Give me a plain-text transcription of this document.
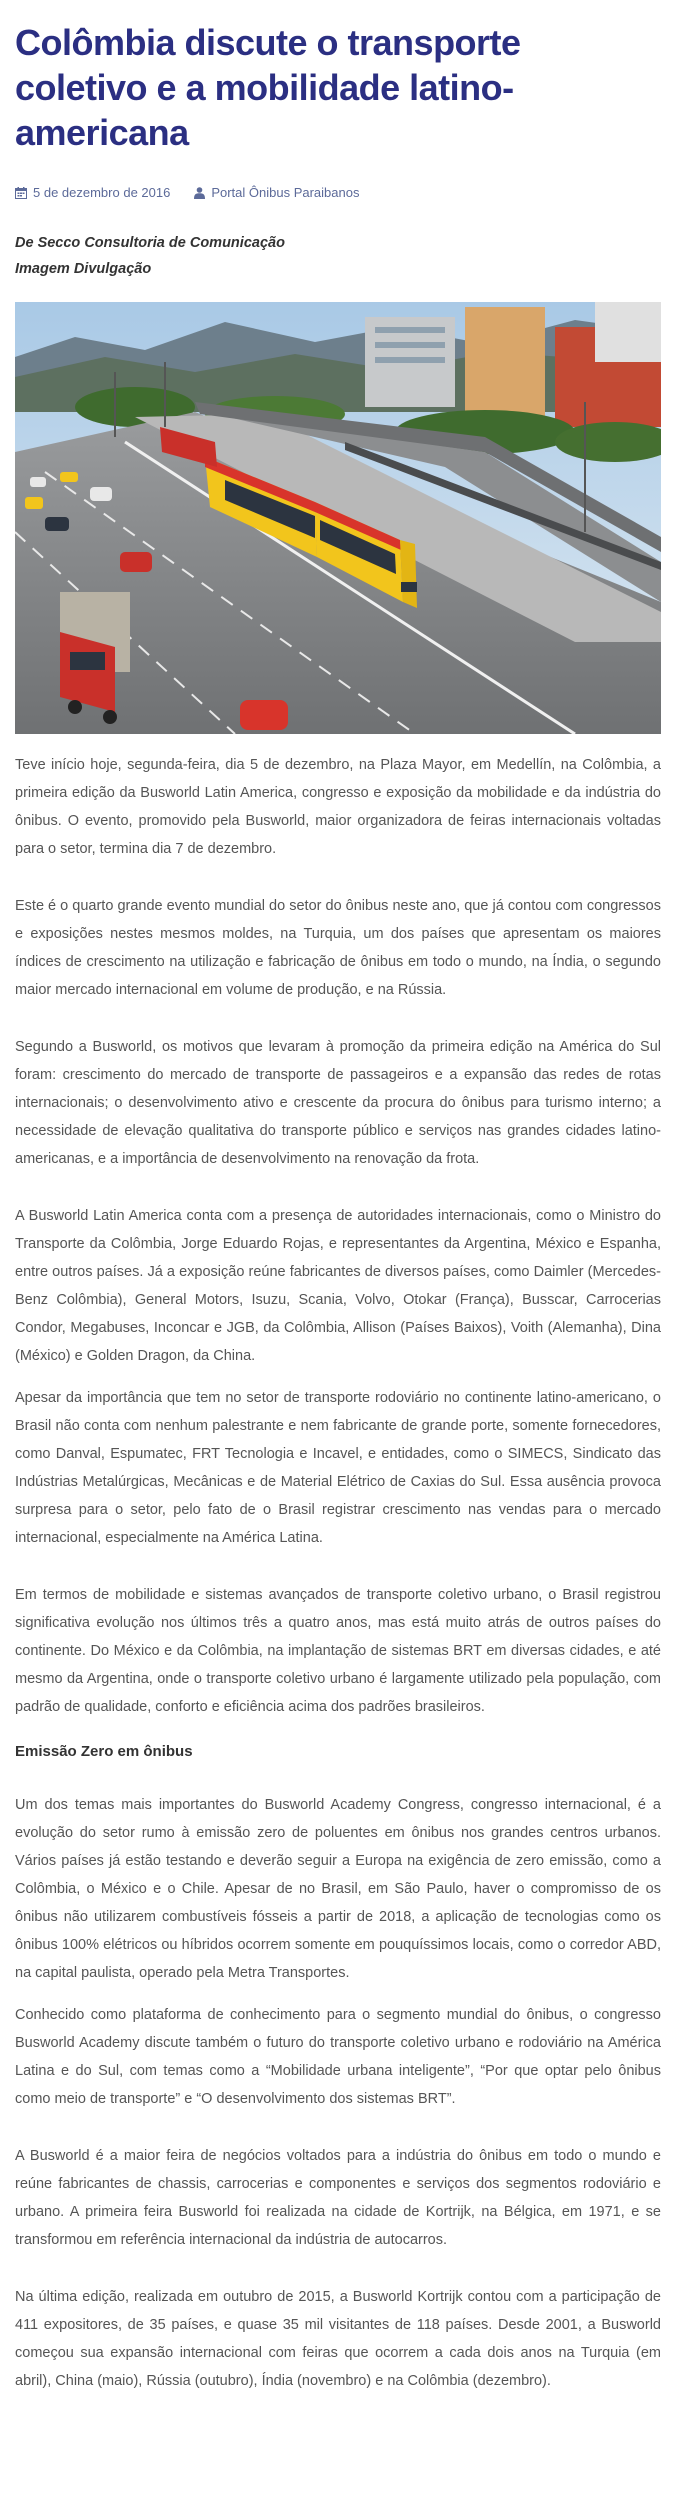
Colômbia discute o transporte coletivo e a mobilidade latino-americana
5 de dezembro de 2016	Portal Ônibus Paraibanos
De Secco Consultoria de Comunicação
Imagem Divulgação

Teve início hoje, segunda-feira, dia 5 de dezembro, na Plaza Mayor, em Medellín, na Colômbia, a primeira edição da Busworld Latin America, congresso e exposição da mobilidade e da indústria do ônibus. O evento, promovido pela Busworld, maior organizadora de feiras internacionais voltadas para o setor, termina dia 7 de dezembro.

Este é o quarto grande evento mundial do setor do ônibus neste ano, que já contou com congressos e exposições nestes mesmos moldes, na Turquia, um dos países que apresentam os maiores índices de crescimento na utilização e fabricação de ônibus em todo o mundo, na Índia, o segundo maior mercado internacional em volume de produção, e na Rússia.

Segundo a Busworld, os motivos que levaram à promoção da primeira edição na América do Sul foram: crescimento do mercado de transporte de passageiros e a expansão das redes de rotas internacionais; o desenvolvimento ativo e crescente da procura do ônibus para turismo interno; a necessidade de elevação qualitativa do transporte público e serviços nas grandes cidades latino-americanas, e a importância de desenvolvimento na renovação da frota.

A Busworld Latin America conta com a presença de autoridades internacionais, como o Ministro do Transporte da Colômbia, Jorge Eduardo Rojas, e representantes da Argentina, México e Espanha, entre outros países. Já a exposição reúne fabricantes de diversos países, como Daimler (Mercedes-Benz Colômbia), General Motors, Isuzu, Scania, Volvo, Otokar (França), Busscar, Carrocerias Condor, Megabuses, Inconcar e JGB, da Colômbia, Allison (Países Baixos), Voith (Alemanha), Dina (México) e Golden Dragon, da China.

Apesar da importância que tem no setor de transporte rodoviário no continente latino-americano, o Brasil não conta com nenhum palestrante e nem fabricante de grande porte, somente fornecedores, como Danval, Espumatec, FRT Tecnologia e Incavel, e entidades, como o SIMECS, Sindicato das Indústrias Metalúrgicas, Mecânicas e de Material Elétrico de Caxias do Sul. Essa ausência provoca surpresa para o setor, pelo fato de o Brasil registrar crescimento nas vendas para o mercado internacional, especialmente na América Latina.

Em termos de mobilidade e sistemas avançados de transporte coletivo urbano, o Brasil registrou significativa evolução nos últimos três a quatro anos, mas está muito atrás de outros países do continente. Do México e da Colômbia, na implantação de sistemas BRT em diversas cidades, e até mesmo da Argentina, onde o transporte coletivo urbano é largamente utilizado pela população, com padrão de qualidade, conforto e eficiência acima dos padrões brasileiros.

Emissão Zero em ônibus

Um dos temas mais importantes do Busworld Academy Congress, congresso internacional, é a evolução do setor rumo à emissão zero de poluentes em ônibus nos grandes centros urbanos. Vários países já estão testando e deverão seguir a Europa na exigência de zero emissão, como a Colômbia, o México e o Chile. Apesar de no Brasil, em São Paulo, haver o compromisso de os ônibus não utilizarem combustíveis fósseis a partir de 2018, a aplicação de tecnologias como os ônibus 100% elétricos ou híbridos ocorrem somente em pouquíssimos locais, como o corredor ABD, na capital paulista, operado pela Metra Transportes.

Conhecido como plataforma de conhecimento para o segmento mundial do ônibus, o congresso Busworld Academy discute também o futuro do transporte coletivo urbano e rodoviário na América Latina e do Sul, com temas como a “Mobilidade urbana inteligente”, “Por que optar pelo ônibus como meio de transporte” e “O desenvolvimento dos sistemas BRT”.

A Busworld é a maior feira de negócios voltados para a indústria do ônibus em todo o mundo e reúne fabricantes de chassis, carrocerias e componentes e serviços dos segmentos rodoviário e urbano. A primeira feira Busworld foi realizada na cidade de Kortrijk, na Bélgica, em 1971, e se transformou em referência internacional da indústria de autocarros.

Na última edição, realizada em outubro de 2015, a Busworld Kortrijk contou com a participação de 411 expositores, de 35 países, e quase 35 mil visitantes de 118 países. Desde 2001, a Busworld começou sua expansão internacional com feiras que ocorrem a cada dois anos na Turquia (em abril), China (maio), Rússia (outubro), Índia (novembro) e na Colômbia (dezembro).
